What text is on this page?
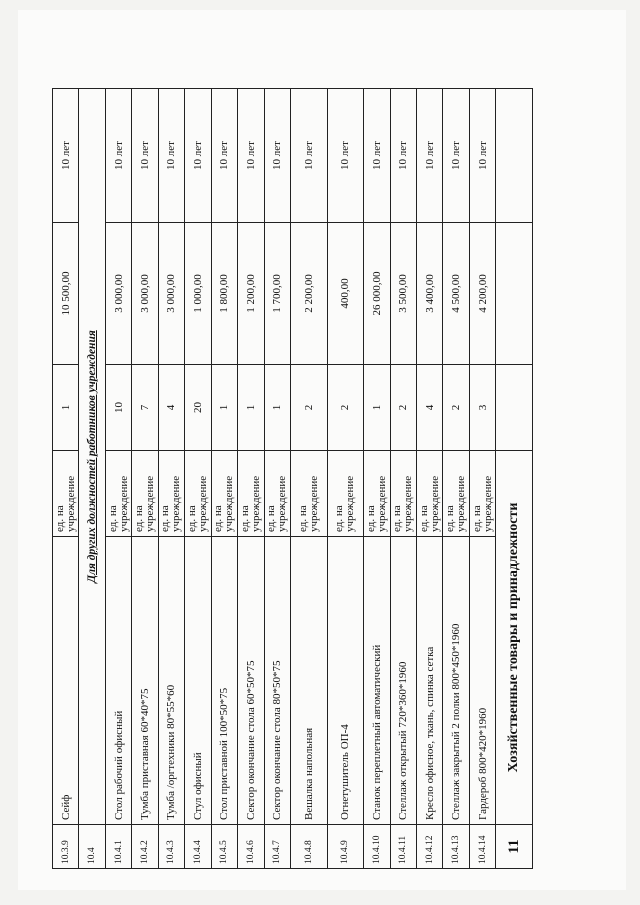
10.3.9	Сейф	ед. на учреждение	1	10 500,00	10 лет
10.4	Для других должностей работников учреждения				
10.4.1	Стол рабочий офисный	ед. на учреждение	10	3 000,00	10 лет
10.4.2	Тумба приставная 60*40*75	ед. на учреждение	7	3 000,00	10 лет
10.4.3	Тумба /оргтехники 80*55*60	ед. на учреждение	4	3 000,00	10 лет
10.4.4	Стул офисный	ед. на учреждение	20	1 000,00	10 лет
10.4.5	Стол приставной 100*50*75	ед. на учреждение	1	1 800,00	10 лет
10.4.6	Сектор окончание стола 60*50*75	ед. на учреждение	1	1 200,00	10 лет
10.4.7	Сектор окончание стола 80*50*75	ед. на учреждение	1	1 700,00	10 лет
10.4.8	Вешалка напольная	ед. на учреждение	2	2 200,00	10 лет
10.4.9	Огнетушитель ОП-4	ед. на учреждение	2	400,00	10 лет
10.4.10	Станок переплетный автоматический	ед. на учреждение	1	26 000,00	10 лет
10.4.11	Стеллаж открытый 720*360*1960	ед. на учреждение	2	3 500,00	10 лет
10.4.12	Кресло офисное, ткань, спинка сетка	ед. на учреждение	4	3 400,00	10 лет
10.4.13	Стеллаж закрытый 2 полки 800*450*1960	ед. на учреждение	2	4 500,00	10 лет
10.4.14	Гардероб 800*420*1960	ед. на учреждение	3	4 200,00	10 лет
11	Хозяйственные товары и принадлежности				
